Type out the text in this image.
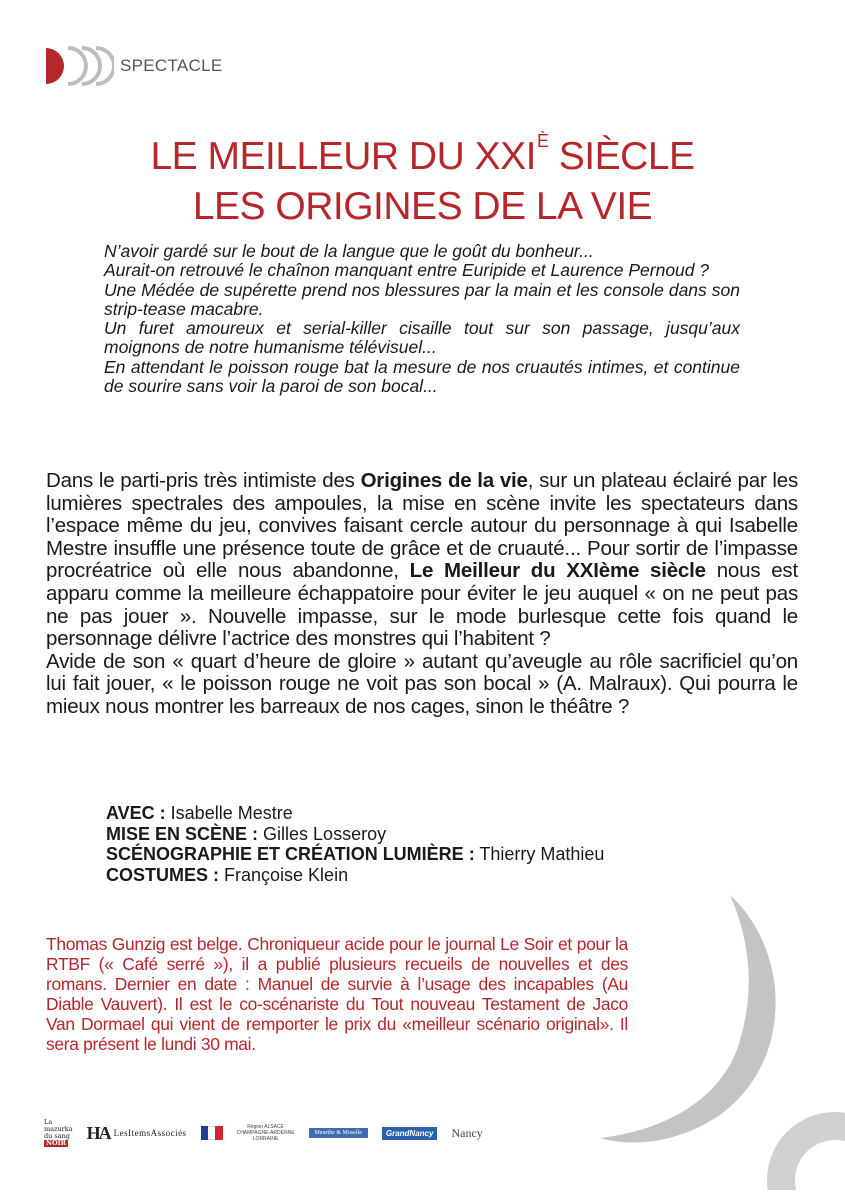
SPECTACLE
LE MEILLEUR DU $XXI^È$ SIÈCLE
LES ORIGINES DE LA VIE
N’avoir gardé sur le bout de la langue que le goût du bonheur...
Aurait-on retrouvé le chaînon manquant entre Euripide et Laurence Pernoud ?
Une Médée de supérette prend nos blessures par la main et les console dans son strip-tease macabre.
Un furet amoureux et serial-killer cisaille tout sur son passage, jusqu’aux moignons de notre humanisme télévisuel...
En attendant le poisson rouge bat la mesure de nos cruautés intimes, et continue de sourire sans voir la paroi de son bocal...
Dans le parti-pris très intimiste des Origines de la vie, sur un plateau éclairé par les lumières spectrales des ampoules, la mise en scène invite les spectateurs dans l’espace même du jeu, convives faisant cercle autour du personnage à qui Isabelle Mestre insuffle une présence toute de grâce et de cruauté... Pour sortir de l’impasse procréatrice où elle nous abandonne, Le Meilleur du XXIème siècle nous est apparu comme la meilleure échappatoire pour éviter le jeu auquel « on ne peut pas ne pas jouer ». Nouvelle impasse, sur le mode burlesque cette fois quand le personnage délivre l’actrice des monstres qui l’habitent ?
Avide de son « quart d’heure de gloire » autant qu’aveugle au rôle sacrificiel qu’on lui fait jouer, « le poisson rouge ne voit pas son bocal » (A. Malraux). Qui pourra le mieux nous montrer les barreaux de nos cages, sinon le théâtre ?
AVEC : Isabelle Mestre
MISE EN SCÈNE : Gilles Losseroy
SCÉNOGRAPHIE ET CRÉATION LUMIÈRE : Thierry Mathieu
COSTUMES : Françoise Klein
Thomas Gunzig est belge. Chroniqueur acide pour le journal Le Soir et pour la RTBF (« Café serré »), il a publié plusieurs recueils de nouvelles et des romans. Dernier en date : Manuel de survie à l’usage des incapables (Au Diable Vauvert). Il est le co-scénariste du Tout nouveau Testament de Jaco Van Dormael qui vient de remporter le prix du «meilleur scénario original». Il sera présent le lundi 30 mai.
La
mazurka
du sang
NOIR
HA LesItemsAssociés
Région ALSACE
CHAMPAGNE-ARDENNE
LORRAINE
Meurthe & Moselle	GrandNancy	Nancy
